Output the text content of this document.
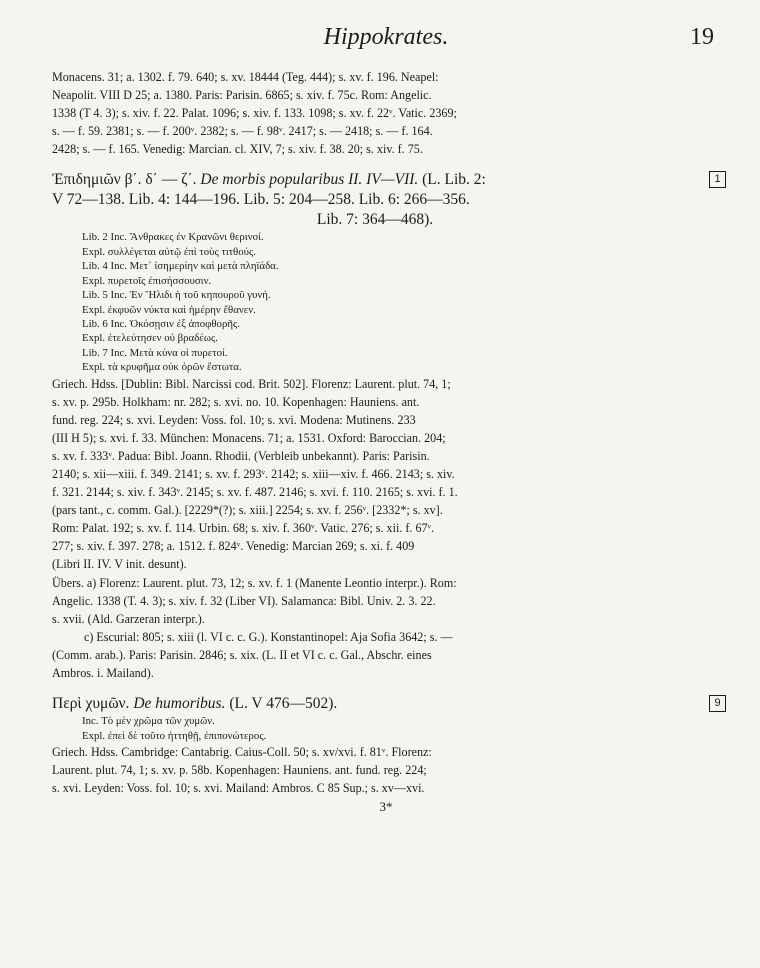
Hippokrates.	19

Monacens. 31; a. 1302. f. 79. 640; s. xv. 18444 (Teg. 444); s. xv. f. 196. Neapel:

Neapolit. VIII D 25; a. 1380. Paris: Parisin. 6865; s. xiv. f. 75c. Rom: Angelic.

1338 (T 4. 3); s. xiv. f. 22. Palat. 1096; s. xiv. f. 133. 1098; s. xv. f. 22ᵛ. Vatic. 2369;

s. — f. 59. 2381; s. — f. 200ᵛ. 2382; s. — f. 98ᵛ. 2417; s. — 2418; s. — f. 164.

2428; s. — f. 165. Venedig: Marcian. cl. XIV, 7; s. xiv. f. 38. 20; s. xiv. f. 75.

1

Ἐπιδημιῶν β΄. δ΄ — ζ΄. De morbis popularibus II. IV—VII. (L. Lib. 2:

V 72—138. Lib. 4: 144—196. Lib. 5: 204—258. Lib. 6: 266—356.

Lib. 7: 364—468).

Lib. 2 Inc. Ἄνθρακες ἐν Κρανῶνι θερινοί.

Expl. συλλέγεται αὐτῷ ἐπὶ τοὺς τιτθούς.

Lib. 4 Inc. Μετ᾽ ἰσημερίην καὶ μετὰ πληϊάδα.

Expl. πυρετοῖς ἐπισήσσουσιν.

Lib. 5 Inc. Ἐν Ἤλιδι ἡ τοῦ κηπουροῦ γυνή.

Expl. ἐκφυῶν νύκτα καὶ ἡμέρην ἔθανεν.

Lib. 6 Inc. Ὀκόσῃσιν ἐξ ἀποφθορῆς.

Expl. ἐτελεύτησεν οὐ βραδέως.

Lib. 7 Inc. Μετὰ κύνα οἱ πυρετοί.

Expl. τὰ κρυφῆμα οὐκ ὁρῶν ἔστωτα.

Griech. Hdss. [Dublin: Bibl. Narcissi cod. Brit. 502]. Florenz: Laurent. plut. 74, 1;

s. xv. p. 295b. Holkham: nr. 282; s. xvi. no. 10. Kopenhagen: Hauniens. ant.

fund. reg. 224; s. xvi. Leyden: Voss. fol. 10; s. xvi. Modena: Mutinens. 233

(III H 5); s. xvi. f. 33. München: Monacens. 71; a. 1531. Oxford: Baroccian. 204;

s. xv. f. 333ᵛ. Padua: Bibl. Joann. Rhodii. (Verbleib unbekannt). Paris: Parisin.

2140; s. xii—xiii. f. 349. 2141; s. xv. f. 293ᵛ. 2142; s. xiii—xiv. f. 466. 2143; s. xiv.

f. 321. 2144; s. xiv. f. 343ᵛ. 2145; s. xv. f. 487. 2146; s. xvi. f. 110. 2165; s. xvi. f. 1.

(pars tant., c. comm. Gal.). [2229*(?); s. xiii.] 2254; s. xv. f. 256ᵛ. [2332*; s. xv].

Rom: Palat. 192; s. xv. f. 114. Urbin. 68; s. xiv. f. 360ᵛ. Vatic. 276; s. xii. f. 67ᵛ.

277; s. xiv. f. 397. 278; a. 1512. f. 824ᵛ. Venedig: Marcian 269; s. xi. f. 409

(Libri II. IV. V init. desunt).

Übers. a) Florenz: Laurent. plut. 73, 12; s. xv. f. 1 (Manente Leontio interpr.). Rom:

Angelic. 1338 (T. 4. 3); s. xiv. f. 32 (Liber VI). Salamanca: Bibl. Univ. 2. 3. 22.

s. xvii. (Ald. Garzeran interpr.).

c) Escurial: 805; s. xiii (l. VI c. c. G.). Konstantinopel: Aja Sofia 3642; s. —

(Comm. arab.). Paris: Parisin. 2846; s. xix. (L. II et VI c. c. Gal., Abschr. eines

Ambros. i. Mailand).

9

Περὶ χυμῶν. De humoribus. (L. V 476—502).

Inc. Τὸ μὲν χρῶμα τῶν χυμῶν.

Expl. ἐπεὶ δὲ τοῦτο ἡττηθῇ, ἐπιπονώτερος.

Griech. Hdss. Cambridge: Cantabrig. Caius-Coll. 50; s. xv/xvi. f. 81ᵛ. Florenz:

Laurent. plut. 74, 1; s. xv. p. 58b. Kopenhagen: Hauniens. ant. fund. reg. 224;

s. xvi. Leyden: Voss. fol. 10; s. xvi. Mailand: Ambros. C 85 Sup.; s. xv—xvi.

3*
